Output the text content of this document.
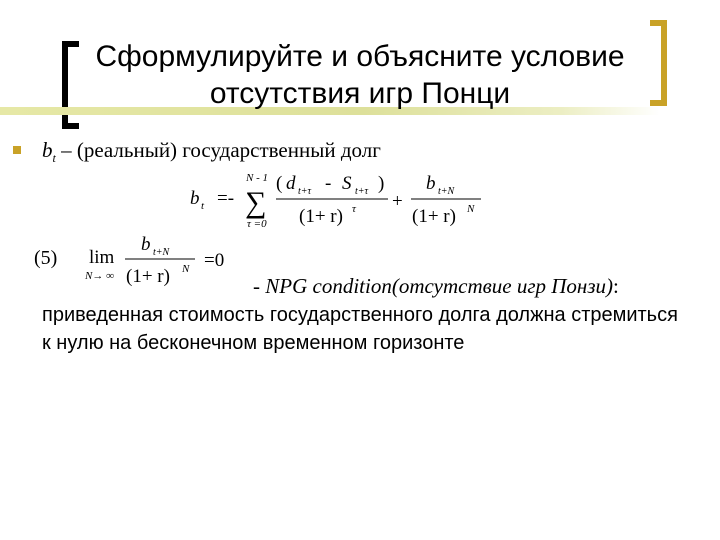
Сформулируйте и объясните условие
отсутствия игр Понци
$b_t$ – (реальный) государственный долг
b t =-
N - 1
∑
τ =0
( d t+τ - S t+τ )
(1+ r) τ +
b t+N
(1+ r) N
(5) lim
N→ ∞
b t+N
(1+ r) N =0
- NPG condition(отсутствие игр Понзи):
приведенная стоимость государственного долга должна стремиться к нулю на бесконечном временном горизонте
